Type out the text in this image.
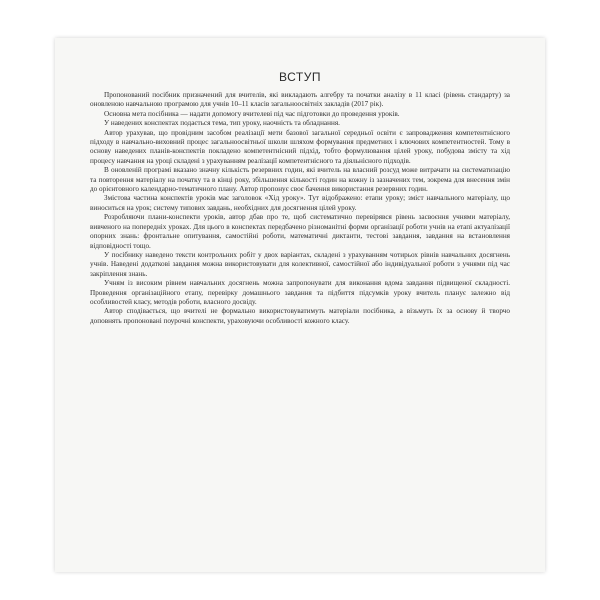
ВСТУП

Пропонований посібник призначений для вчителів, які викладають алгебру та початки аналізу в 11 класі (рівень стандарту) за оновленою навчальною програмою для учнів 10–11 класів загальноосвітніх закладів (2017 рік).

Основна мета посібника — надати допомогу вчителеві під час підготовки до проведення уроків.

У наведених конспектах подається тема, тип уроку, наочність та обладнання.

Автор урахував, що провідним засобом реалізації мети базової загальної середньої освіти є запровадження компетентнісного підходу в навчально-виховний процес загальноосвітньої школи шляхом формування предметних і ключових компетентностей. Тому в основу наведених планів-конспектів покладено компетентнісний підхід, тобто формулювання цілей уроку, побудова змісту та хід процесу навчання на уроці складені з урахуванням реалізації компетентнісного та діяльнісного підходів.

В оновленій програмі вказано значну кількість резервних годин, які вчитель на власний розсуд може витрачати на систематизацію та повторення матеріалу на початку та в кінці року, збільшення кількості годин на кожну із зазначених тем, зокрема для внесення змін до орієнтовного календарно-тематичного плану. Автор пропонує своє бачення використання резервних годин.

Змістова частина конспектів уроків має заголовок «Хід уроку». Тут відображено: етапи уроку; зміст навчального матеріалу, що виноситься на урок; систему типових завдань, необхідних для досягнення цілей уроку.

Розробляючи плани-конспекти уроків, автор дбав про те, щоб систематично перевірявся рівень засвоєння учнями матеріалу, вивченого на попередніх уроках. Для цього в конспектах передбачено різноманітні форми організації роботи учнів на етапі актуалізації опорних знань: фронтальне опитування, самостійні роботи, математичні диктанти, тестові завдання, завдання на встановлення відповідності тощо.

У посібнику наведено тексти контрольних робіт у двох варіантах, складені з урахуванням чотирьох рівнів навчальних досягнень учнів. Наведені додаткові завдання можна використовувати для колективної, самостійної або індивідуальної роботи з учнями під час закріплення знань.

Учням із високим рівнем навчальних досягнень можна запропонувати для виконання вдома завдання підвищеної складності. Проведення організаційного етапу, перевірку домашнього завдання та підбиття підсумків уроку вчитель планує залежно від особливостей класу, методів роботи, власного досвіду.

Автор сподівається, що вчителі не формально використовуватимуть матеріали посібника, а візьмуть їх за основу й творчо доповнять пропоновані поурочні конспекти, ураховуючи особливості кожного класу.
